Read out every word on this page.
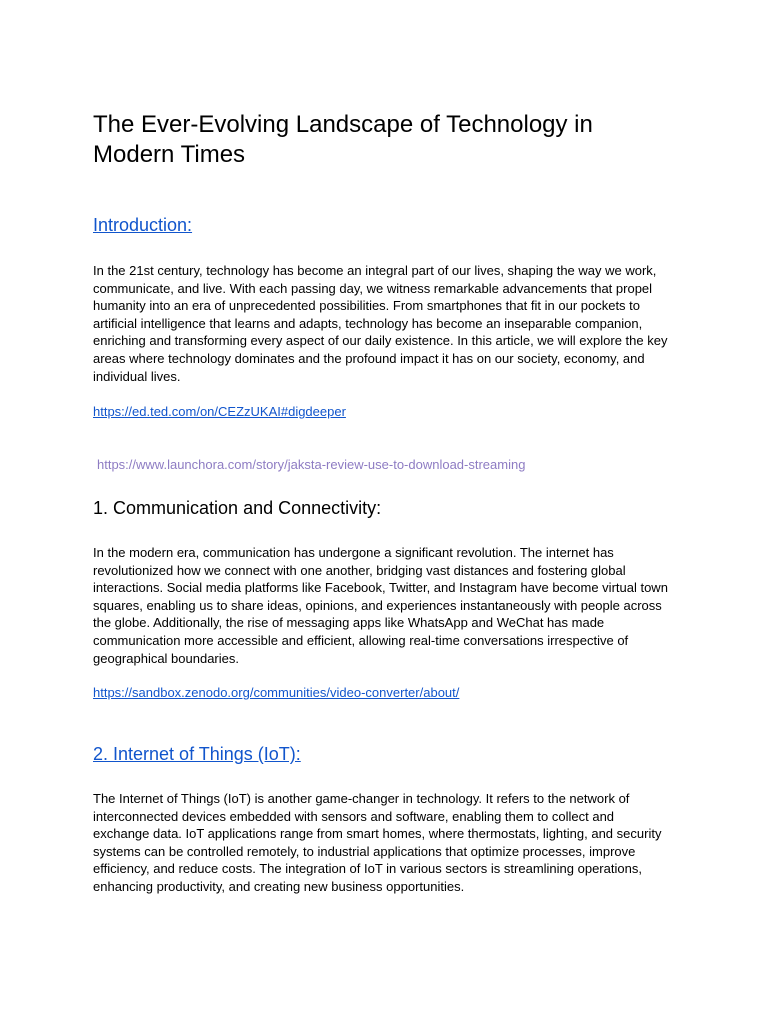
The Ever-Evolving Landscape of Technology in Modern Times
Introduction:

In the 21st century, technology has become an integral part of our lives, shaping the way we work, communicate, and live. With each passing day, we witness remarkable advancements that propel humanity into an era of unprecedented possibilities. From smartphones that fit in our pockets to artificial intelligence that learns and adapts, technology has become an inseparable companion, enriching and transforming every aspect of our daily existence. In this article, we will explore the key areas where technology dominates and the profound impact it has on our society, economy, and individual lives.

https://ed.ted.com/on/CEZzUKAI#digdeeper
https://www.launchora.com/story/jaksta-review-use-to-download-streaming
1. Communication and Connectivity:

In the modern era, communication has undergone a significant revolution. The internet has revolutionized how we connect with one another, bridging vast distances and fostering global interactions. Social media platforms like Facebook, Twitter, and Instagram have become virtual town squares, enabling us to share ideas, opinions, and experiences instantaneously with people across the globe. Additionally, the rise of messaging apps like WhatsApp and WeChat has made communication more accessible and efficient, allowing real-time conversations irrespective of geographical boundaries.

https://sandbox.zenodo.org/communities/video-converter/about/
2. Internet of Things (IoT):

The Internet of Things (IoT) is another game-changer in technology. It refers to the network of interconnected devices embedded with sensors and software, enabling them to collect and exchange data. IoT applications range from smart homes, where thermostats, lighting, and security systems can be controlled remotely, to industrial applications that optimize processes, improve efficiency, and reduce costs. The integration of IoT in various sectors is streamlining operations, enhancing productivity, and creating new business opportunities.
